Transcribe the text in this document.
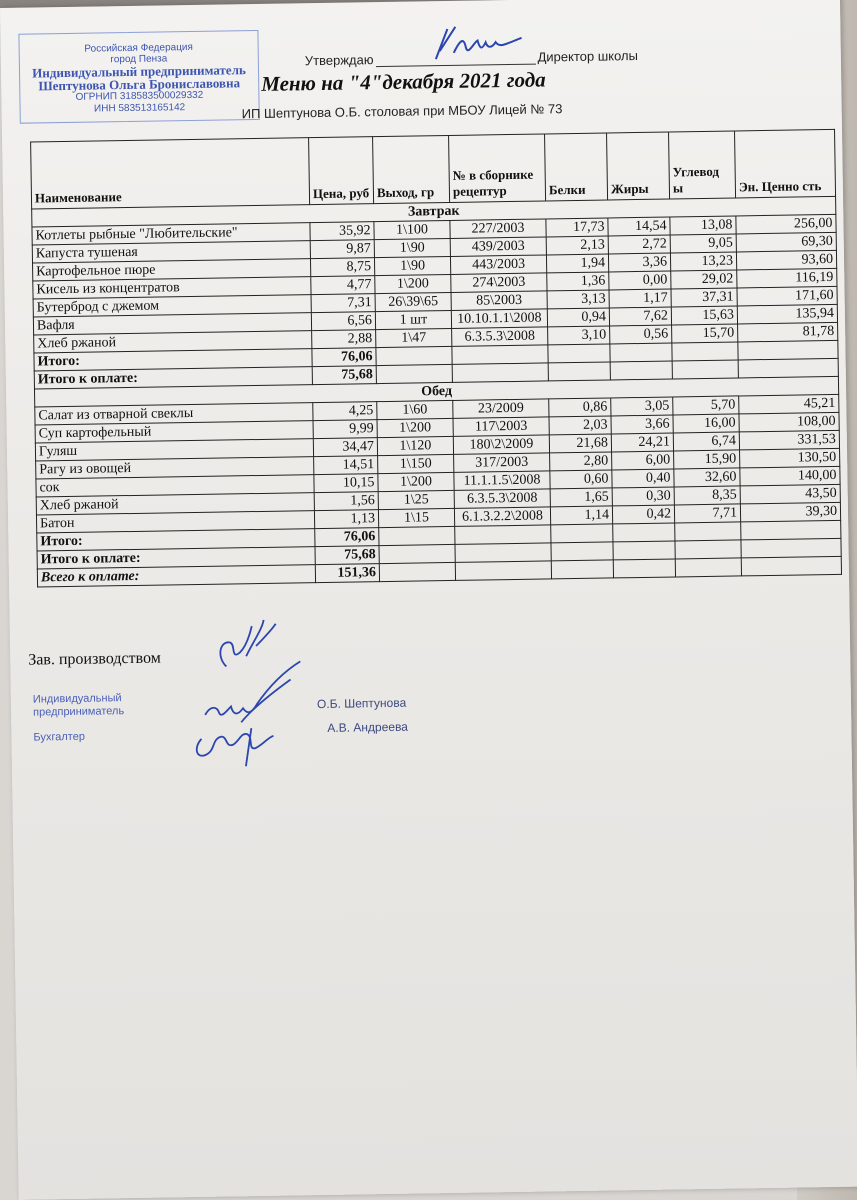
Российская Федерация
город Пенза
Индивидуальный предприниматель
Шептунова Ольга Брониславовна
ОГРНИП 318583500029332
ИНН 583513165142
Утверждаю	Директор школы
Меню на "4"декабря 2021 года
ИП Шептунова О.Б. столовая при МБОУ Лицей № 73
Наименование	Цена, руб	Выход, гр	№ в сборнике рецептур	Белки	Жиры	Углевод ы	Эн. Ценно сть
Завтрак							
Котлеты рыбные "Любительские"	35,92	1\100	227/2003	17,73	14,54	13,08	256,00
Капуста тушеная	9,87	1\90	439/2003	2,13	2,72	9,05	69,30
Картофельное пюре	8,75	1\90	443/2003	1,94	3,36	13,23	93,60
Кисель из концентратов	4,77	1\200	274\2003	1,36	0,00	29,02	116,19
Бутерброд с джемом	7,31	26\39\65	85\2003	3,13	1,17	37,31	171,60
Вафля	6,56	1 шт	10.10.1.1\2008	0,94	7,62	15,63	135,94
Хлеб ржаной	2,88	1\47	6.3.5.3\2008	3,10	0,56	15,70	81,78
Итого:	76,06						
Итого к оплате:	75,68						
Обед							
Салат из отварной свеклы	4,25	1\60	23/2009	0,86	3,05	5,70	45,21
Суп картофельный	9,99	1\200	117\2003	2,03	3,66	16,00	108,00
Гуляш	34,47	1\120	180\2\2009	21,68	24,21	6,74	331,53
Рагу из овощей	14,51	1\150	317/2003	2,80	6,00	15,90	130,50
сок	10,15	1\200	11.1.1.5\2008	0,60	0,40	32,60	140,00
Хлеб ржаной	1,56	1\25	6.3.5.3\2008	1,65	0,30	8,35	43,50
Батон	1,13	1\15	6.1.3.2.2\2008	1,14	0,42	7,71	39,30
Итого:	76,06						
Итого к оплате:	75,68						
Всего к оплате:	151,36						
Зав. производством
Индивидуальный
предприниматель
О.Б. Шептунова
Бухгалтер
А.В. Андреева
